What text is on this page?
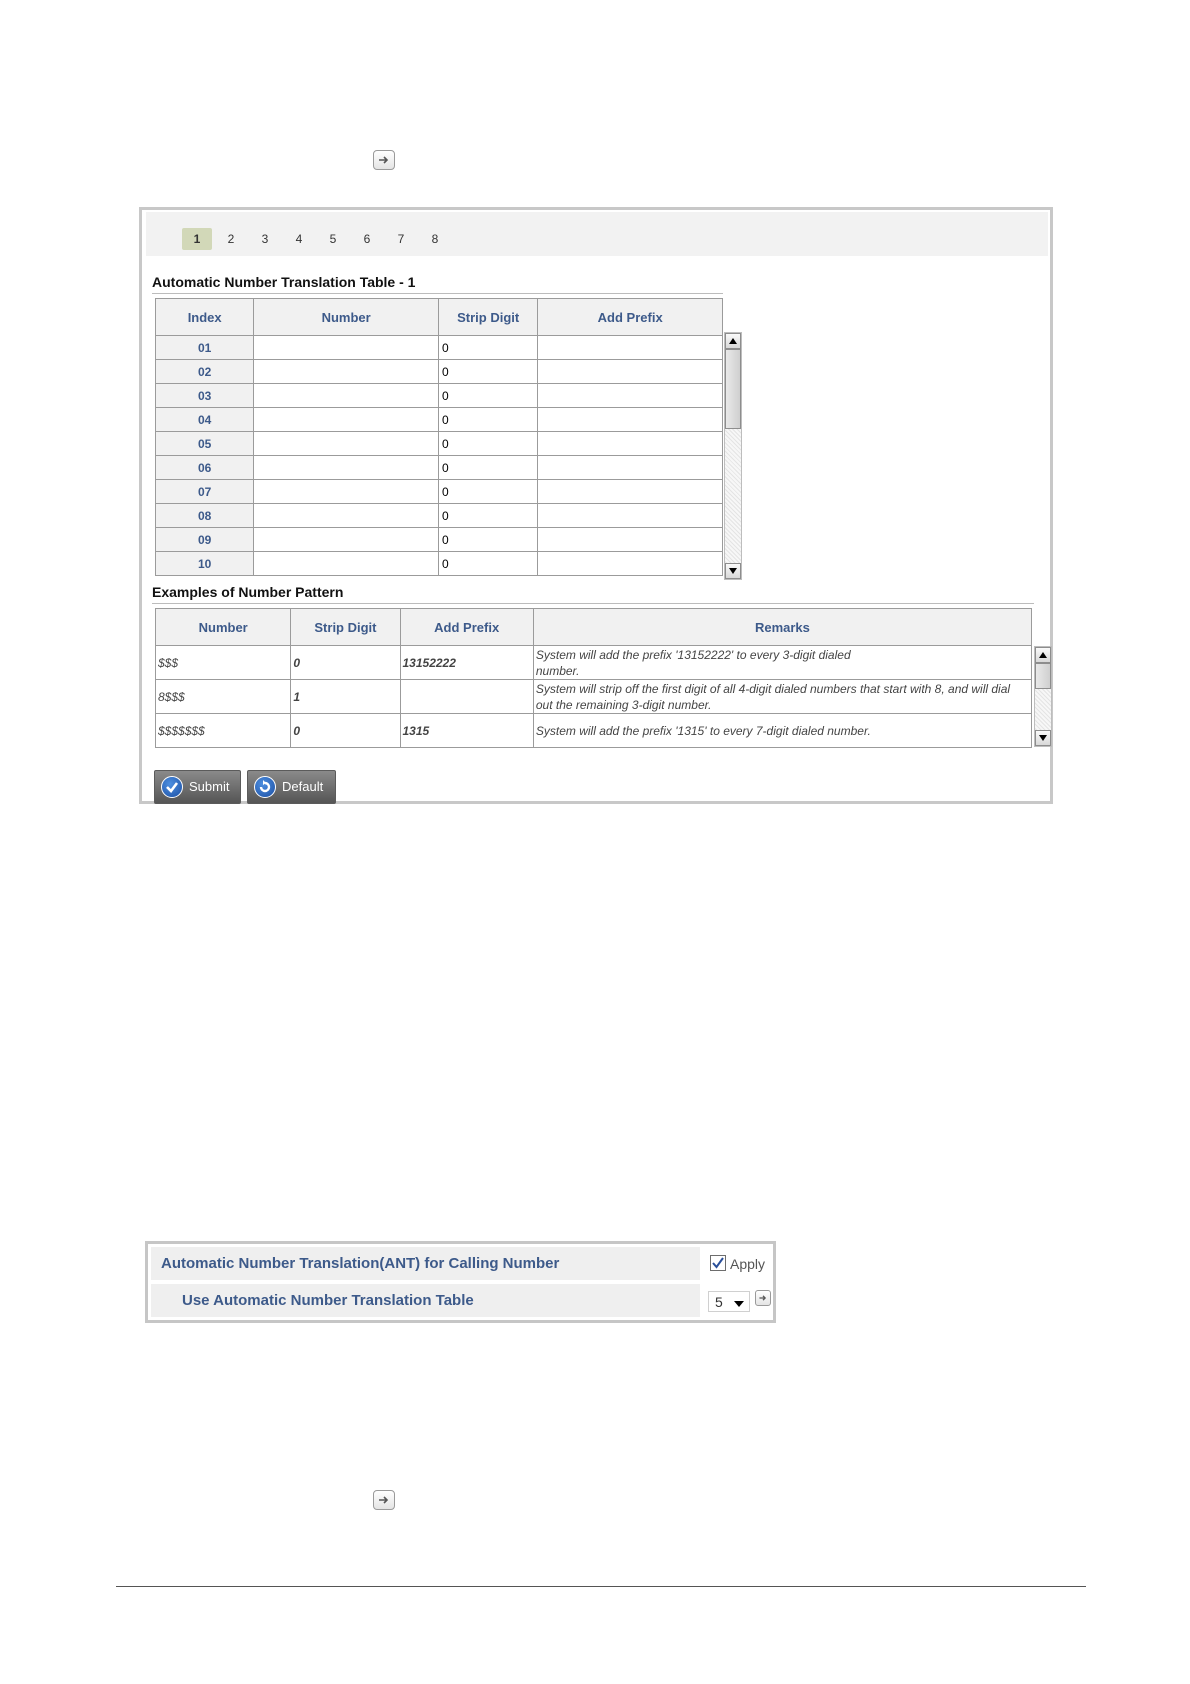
1	2	3	4	5	6	7	8
Automatic Number Translation Table - 1
Index	Number	Strip Digit	Add Prefix
01		0	
02		0	
03		0	
04		0	
05		0	
06		0	
07		0	
08		0	
09		0	
10		0	
Examples of Number Pattern
Number	Strip Digit	Add Prefix	Remarks
$$$	0	13152222	System will add the prefix '13152222' to every 3-digit dialed number.
8$$$	1		System will strip off the first digit of all 4-digit dialed numbers that start with 8, and will dial out the remaining 3-digit number.
$$$$$$$	0	1315	System will add the prefix '1315' to every 7-digit dialed number.
Submit	Default
Automatic Number Translation(ANT) for Calling Number	Apply
Use Automatic Number Translation Table	5
